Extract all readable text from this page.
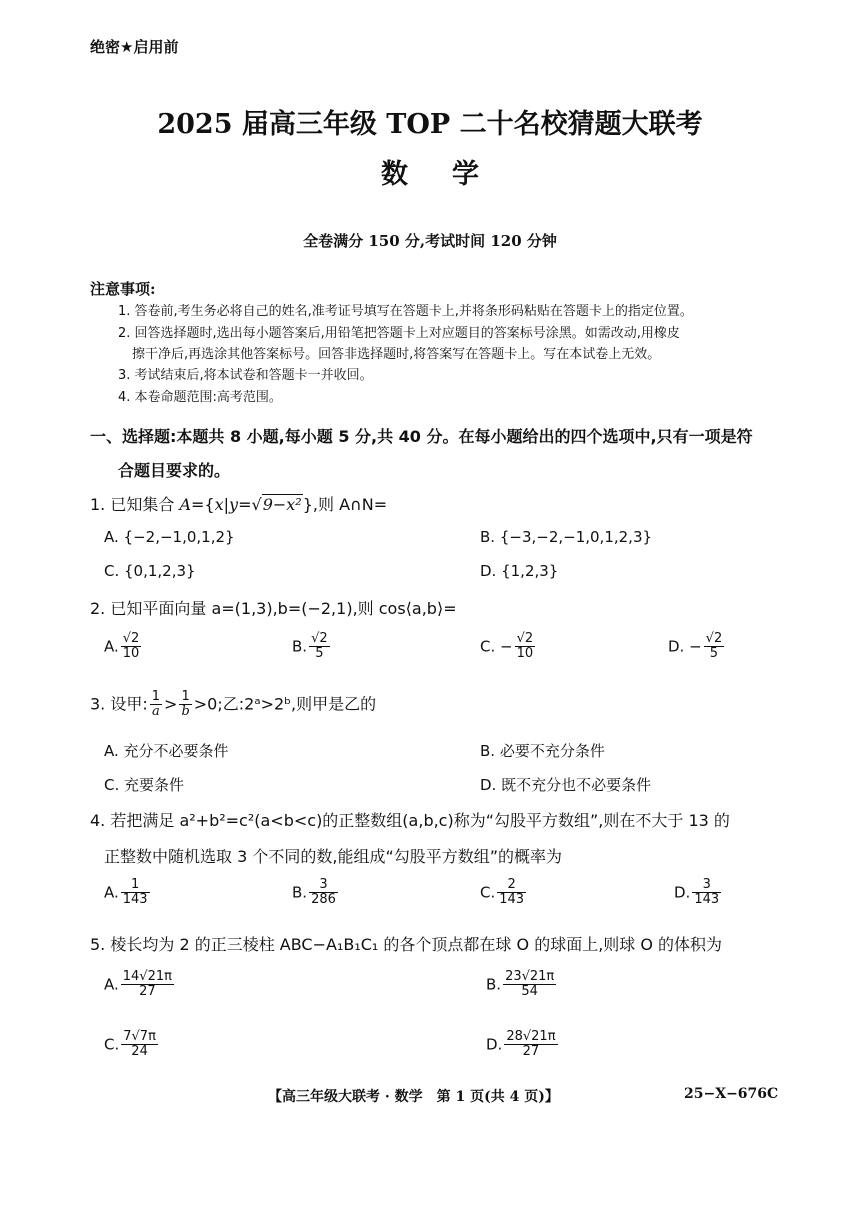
绝密★启用前
2025 届高三年级 TOP 二十名校猜题大联考
数学
全卷满分 150 分,考试时间 120 分钟
注意事项:
1. 答卷前,考生务必将自己的姓名,准考证号填写在答题卡上,并将条形码粘贴在答题卡上的指定位置。
2. 回答选择题时,选出每小题答案后,用铅笔把答题卡上对应题目的答案标号涂黑。如需改动,用橡皮
擦干净后,再选涂其他答案标号。回答非选择题时,将答案写在答题卡上。写在本试卷上无效。
3. 考试结束后,将本试卷和答题卡一并收回。
4. 本卷命题范围:高考范围。
一、选择题:本题共 8 小题,每小题 5 分,共 40 分。在每小题给出的四个选项中,只有一项是符
合题目要求的。
1. 已知集合 A={x|y=√9−x²},则 A∩N=
A. {−2,−1,0,1,2}	B. {−3,−2,−1,0,1,2,3}
C. {0,1,2,3}	D. {1,2,3}
2. 已知平面向量 a=(1,3),b=(−2,1),则 cos⟨a,b⟩=
A. $\frac{√2}{10}$	B. $\frac{√2}{5}$	C. − $\frac{√2}{10}$	D. − $\frac{√2}{5}$
3. 设甲: $\frac{1}{a} > \frac{1}{b} >0$;乙:2ᵃ>2ᵇ,则甲是乙的
A. 充分不必要条件	B. 必要不充分条件
C. 充要条件	D. 既不充分也不必要条件
4. 若把满足 a²+b²=c²(a<b<c)的正整数组(a,b,c)称为“勾股平方数组”,则在不大于 13 的
正整数中随机选取 3 个不同的数,能组成“勾股平方数组”的概率为
A. $\frac{1}{143}$	B. $\frac{3}{286}$	C. $\frac{2}{143}$	D. $\frac{3}{143}$
5. 棱长均为 2 的正三棱柱 ABC−A₁B₁C₁ 的各个顶点都在球 O 的球面上,则球 O 的体积为
A. $\frac{14√21\pi}{27}$	B. $\frac{23√21\pi}{54}$
C. $\frac{7√7\pi}{24}$	D. $\frac{28√21\pi}{27}$
【高三年级大联考 · 数学　第 1 页(共 4 页)】	25−X−676C
